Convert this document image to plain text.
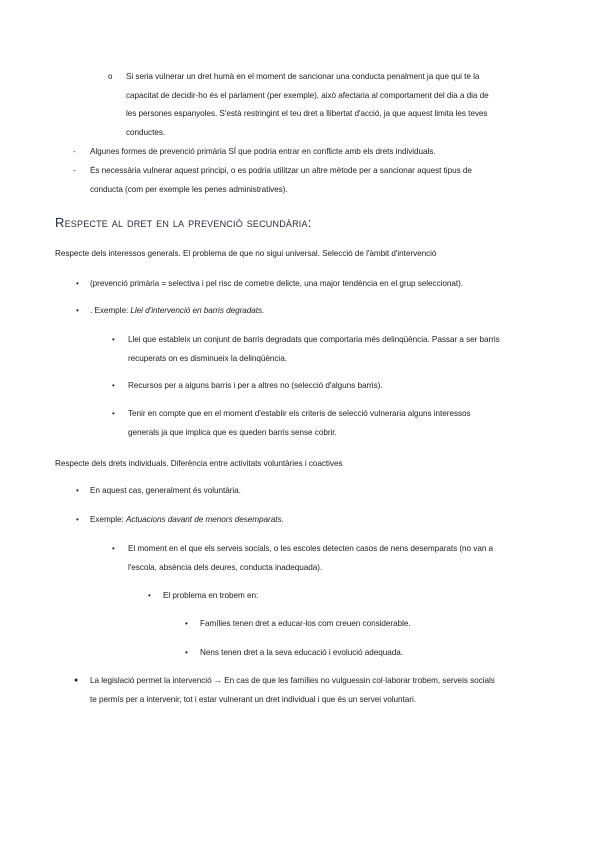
o Si seria vulnerar un dret humà en el moment de sancionar una conducta penalment ja que qui te la
capacitat de decidir-ho és el parlament (per exemple), això afectaria al comportament del dia a dia de
les persones espanyoles. S'està restringint el teu dret a llibertat d'acció, ja que aquest limita les teves
conductes.
- Algunes formes de prevenció primària SÍ que podria entrar en conflicte amb els drets individuals.
- És necessària vulnerar aquest principi, o es podria utilitzar un altre mètode per a sancionar aquest tipus de
conducta (com per exemple les penes administratives).
Respecte al dret en la prevenció secundària:
Respecte dels interessos generals. El problema de que no sigui universal. Selecció de l'àmbit d'intervenció
• (prevenció primària = selectiva i pel risc de cometre delicte, una major tendència en el grup seleccionat).
• . Exemple: Llei d'intervenció en barris degradats.
• Llei que estableix un conjunt de barris degradats que comportaria més delinqüència. Passar a ser barris
recuperats on es disminueix la delinqüència.
• Recursos per a alguns barris i per a altres no (selecció d'alguns barris).
• Tenir en compte que en el moment d'establir els criteris de selecció vulneraria alguns interessos
generals ja que implica que es queden barris sense cobrir.
Respecte dels drets individuals. Diferència entre activitats voluntàries i coactives
• En aquest cas, generalment és voluntària.
• Exemple: Actuacions davant de menors desemparats.
• El moment en el que els serveis socials, o les escoles detecten casos de nens desemparats (no van a
l'escola, absència dels deures, conducta inadequada).
• El problema en trobem en:
• Famílies tenen dret a educar-los com creuen considerable.
• Nens tenen dret a la seva educació i evolució adequada.
● La legislació permet la intervenció → En cas de que les famílies no vulguessin col·laborar trobem, serveis socials
te permís per a intervenir, tot i estar vulnerant un dret individual i que és un servei voluntari.
